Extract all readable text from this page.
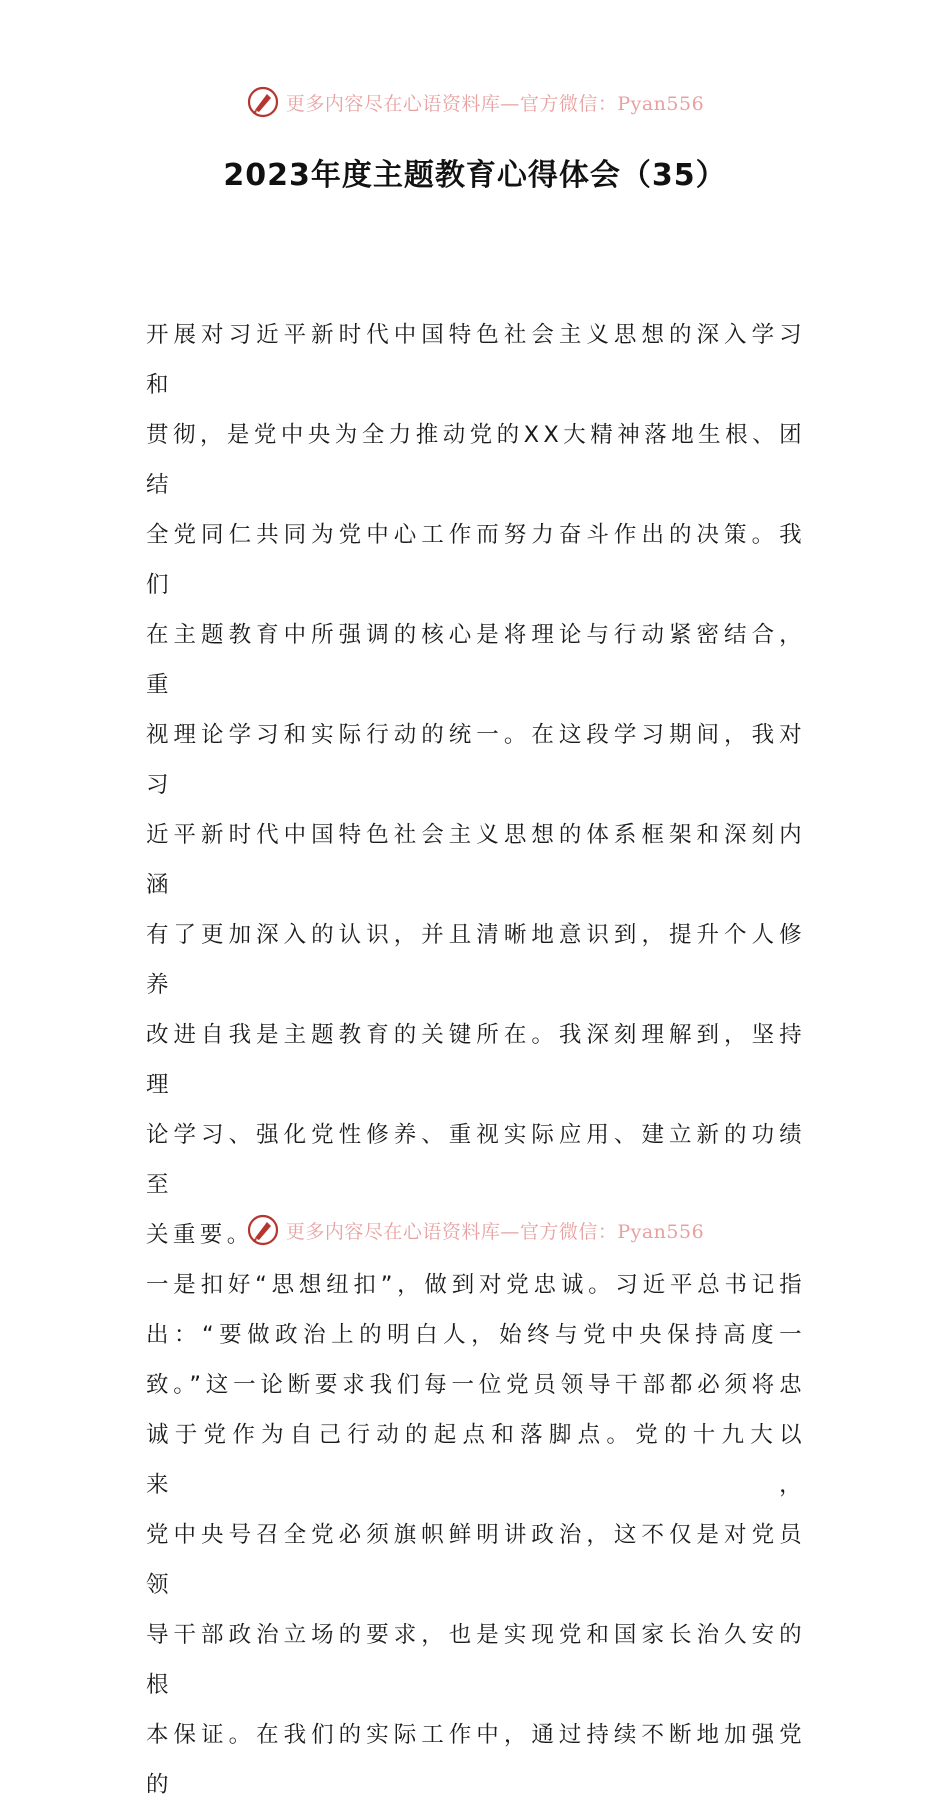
更多内容尽在心语资料库—官方微信：Pyan556
2023年度主题教育心得体会（35）

开展对习近平新时代中国特色社会主义思想的深入学习和

贯彻，是党中央为全力推动党的XX大精神落地生根、团结

全党同仁共同为党中心工作而努力奋斗作出的决策。我们

在主题教育中所强调的核心是将理论与行动紧密结合，重

视理论学习和实际行动的统一。在这段学习期间，我对习

近平新时代中国特色社会主义思想的体系框架和深刻内涵

有了更加深入的认识，并且清晰地意识到，提升个人修养

改进自我是主题教育的关键所在。我深刻理解到，坚持理

论学习、强化党性修养、重视实际应用、建立新的功绩至

关重要。

一是扣好“思想纽扣”，做到对党忠诚。习近平总书记指

出：“要做政治上的明白人，始终与党中央保持高度一

致。”这一论断要求我们每一位党员领导干部都必须将忠

诚于党作为自己行动的起点和落脚点。党的十九大以来，

党中央号召全党必须旗帜鲜明讲政治，这不仅是对党员领

导干部政治立场的要求，也是实现党和国家长治久安的根

本保证。在我们的实际工作中，通过持续不断地加强党的

更多内容尽在心语资料库—官方微信：Pyan556
